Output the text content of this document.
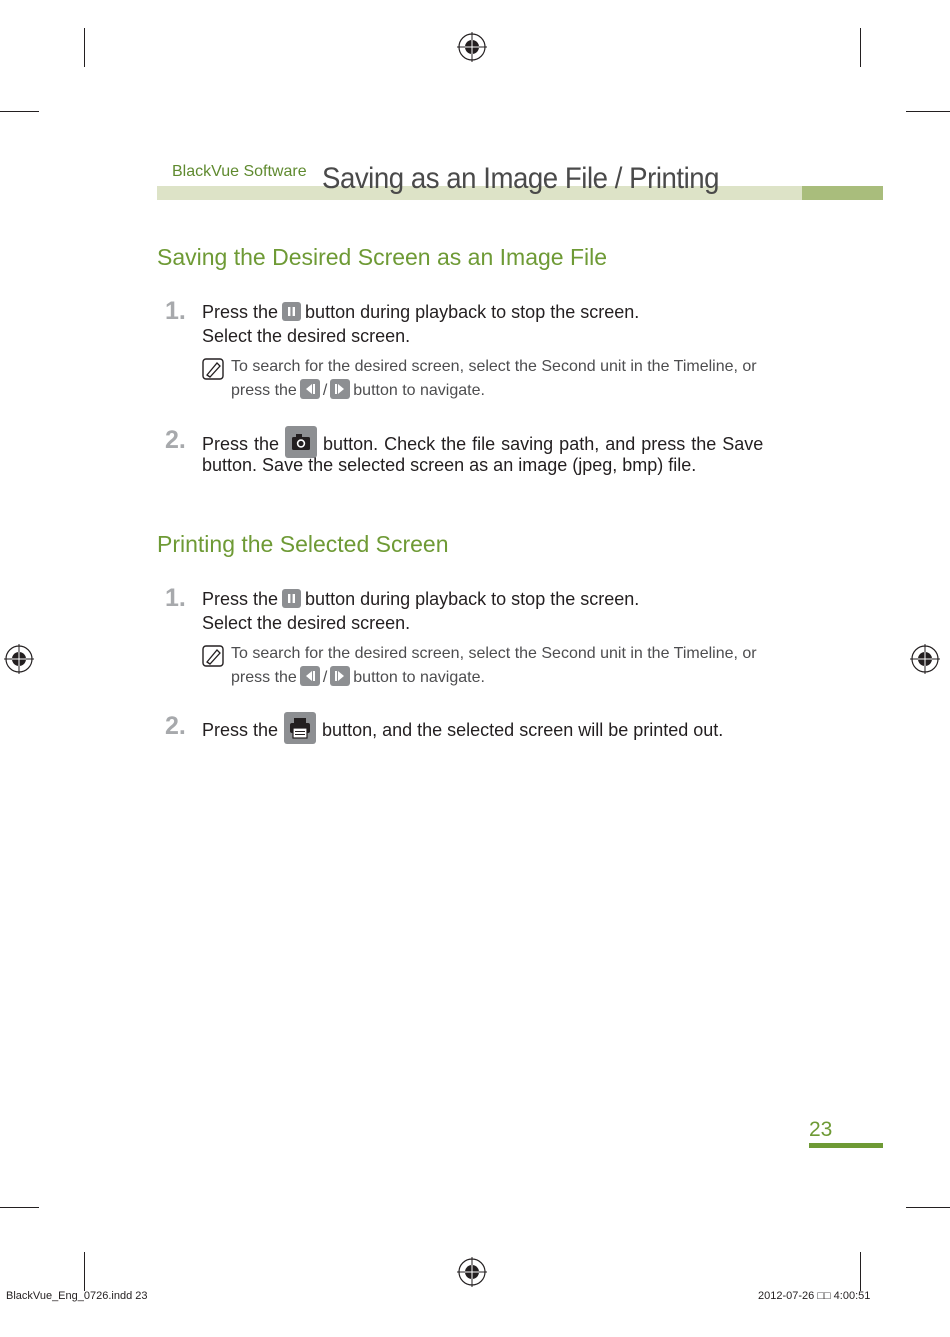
BlackVue Software Saving as an Image File / Printing
Saving the Desired Screen as an Image File
1. Press the button during playback to stop the screen.
Select the desired screen.
To search for the desired screen, select the Second unit in the Timeline, or
press the / button to navigate.
2. Press the button. Check the file saving path, and press the Save
button. Save the selected screen as an image (jpeg, bmp) file.
Printing the Selected Screen
1. Press the button during playback to stop the screen.
Select the desired screen.
To search for the desired screen, select the Second unit in the Timeline, or
press the / button to navigate.
2. Press the button, and the selected screen will be printed out.
23
BlackVue_Eng_0726.indd 23	2012-07-26 □□ 4:00:51
